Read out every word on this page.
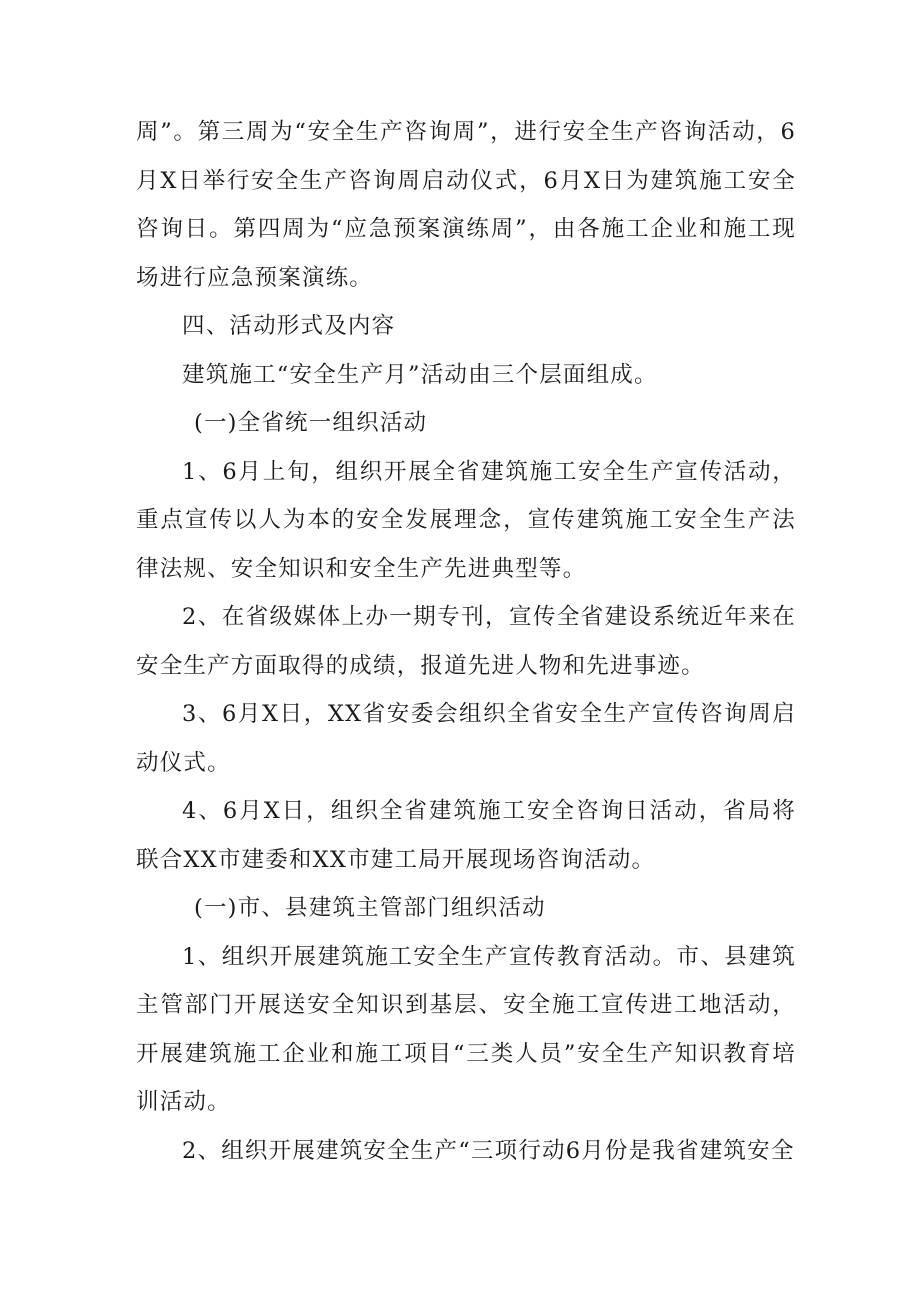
周”。第三周为“安全生产咨询周”，进行安全生产咨询活动，6月X日举行安全生产咨询周启动仪式，6月X日为建筑施工安全咨询日。第四周为“应急预案演练周”，由各施工企业和施工现场进行应急预案演练。

四、活动形式及内容

建筑施工“安全生产月”活动由三个层面组成。

(一)全省统一组织活动

1、6月上旬，组织开展全省建筑施工安全生产宣传活动，重点宣传以人为本的安全发展理念，宣传建筑施工安全生产法律法规、安全知识和安全生产先进典型等。

2、在省级媒体上办一期专刊，宣传全省建设系统近年来在安全生产方面取得的成绩，报道先进人物和先进事迹。

3、6月X日，XX省安委会组织全省安全生产宣传咨询周启动仪式。

4、6月X日，组织全省建筑施工安全咨询日活动，省局将联合XX市建委和XX市建工局开展现场咨询活动。

(一)市、县建筑主管部门组织活动

1、组织开展建筑施工安全生产宣传教育活动。市、县建筑主管部门开展送安全知识到基层、安全施工宣传进工地活动，开展建筑施工企业和施工项目“三类人员”安全生产知识教育培训活动。

2、组织开展建筑安全生产“三项行动6月份是我省建筑安全
